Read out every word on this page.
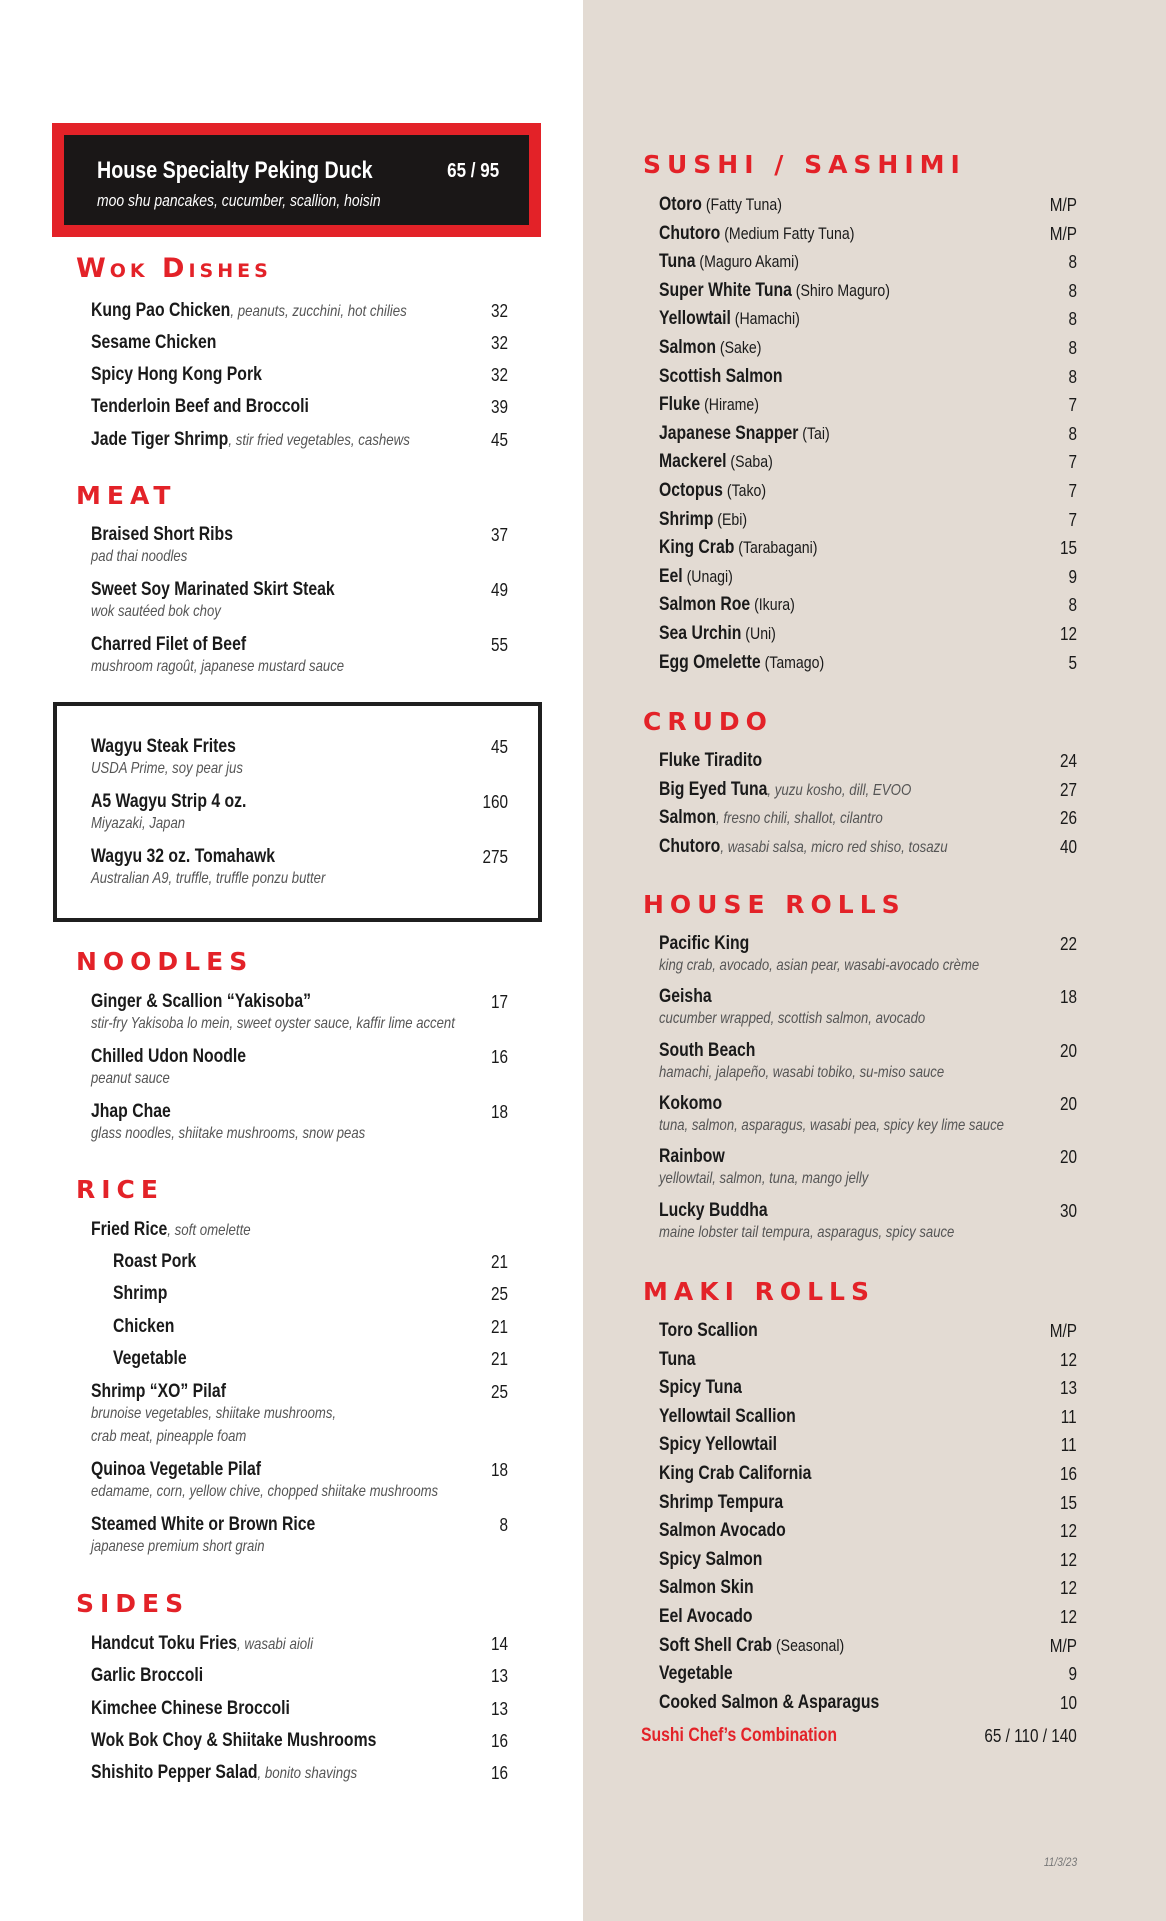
House Specialty Peking Duck	65 / 95
moo shu pancakes, cucumber, scallion, hoisin
Wok Dishes
MEAT
NOODLES
RICE
SIDES
SUSHI / SASHIMI
CRUDO
HOUSE ROLLS
MAKI ROLLS
11/3/23
Kung Pao Chicken, peanuts, zucchini, hot chilies	32
Sesame Chicken	32
Spicy Hong Kong Pork	32
Tenderloin Beef and Broccoli	39
Jade Tiger Shrimp, stir fried vegetables, cashews	45
Braised Short Ribs	37
pad thai noodles
Sweet Soy Marinated Skirt Steak	49
wok sautéed bok choy
Charred Filet of Beef	55
mushroom ragoût, japanese mustard sauce
Wagyu Steak Frites	45
USDA Prime, soy pear jus
A5 Wagyu Strip 4 oz.	160
Miyazaki, Japan
Wagyu 32 oz. Tomahawk	275
Australian A9, truffle, truffle ponzu butter
Ginger & Scallion “Yakisoba”	17
stir-fry Yakisoba lo mein, sweet oyster sauce, kaffir lime accent
Chilled Udon Noodle	16
peanut sauce
Jhap Chae	18
glass noodles, shiitake mushrooms, snow peas
Fried Rice, soft omelette
Roast Pork	21
Shrimp	25
Chicken	21
Vegetable	21
Shrimp “XO” Pilaf	25
brunoise vegetables, shiitake mushrooms,
crab meat, pineapple foam
Quinoa Vegetable Pilaf	18
edamame, corn, yellow chive, chopped shiitake mushrooms
Steamed White or Brown Rice	8
japanese premium short grain
Handcut Toku Fries, wasabi aioli	14
Garlic Broccoli	13
Kimchee Chinese Broccoli	13
Wok Bok Choy & Shiitake Mushrooms	16
Shishito Pepper Salad, bonito shavings	16
Otoro (Fatty Tuna)	M/P
Chutoro (Medium Fatty Tuna)	M/P
Tuna (Maguro Akami)	8
Super White Tuna (Shiro Maguro)	8
Yellowtail (Hamachi)	8
Salmon (Sake)	8
Scottish Salmon	8
Fluke (Hirame)	7
Japanese Snapper (Tai)	8
Mackerel (Saba)	7
Octopus (Tako)	7
Shrimp (Ebi)	7
King Crab (Tarabagani)	15
Eel (Unagi)	9
Salmon Roe (Ikura)	8
Sea Urchin (Uni)	12
Egg Omelette (Tamago)	5
Fluke Tiradito	24
Big Eyed Tuna, yuzu kosho, dill, EVOO	27
Salmon, fresno chili, shallot, cilantro	26
Chutoro, wasabi salsa, micro red shiso, tosazu	40
Pacific King	22
king crab, avocado, asian pear, wasabi-avocado crème
Geisha	18
cucumber wrapped, scottish salmon, avocado
South Beach	20
hamachi, jalapeño, wasabi tobiko, su-miso sauce
Kokomo	20
tuna, salmon, asparagus, wasabi pea, spicy key lime sauce
Rainbow	20
yellowtail, salmon, tuna, mango jelly
Lucky Buddha	30
maine lobster tail tempura, asparagus, spicy sauce
Toro Scallion	M/P
Tuna	12
Spicy Tuna	13
Yellowtail Scallion	11
Spicy Yellowtail	11
King Crab California	16
Shrimp Tempura	15
Salmon Avocado	12
Spicy Salmon	12
Salmon Skin	12
Eel Avocado	12
Soft Shell Crab (Seasonal)	M/P
Vegetable	9
Cooked Salmon & Asparagus	10
Sushi Chef’s Combination	65 / 110 / 140
